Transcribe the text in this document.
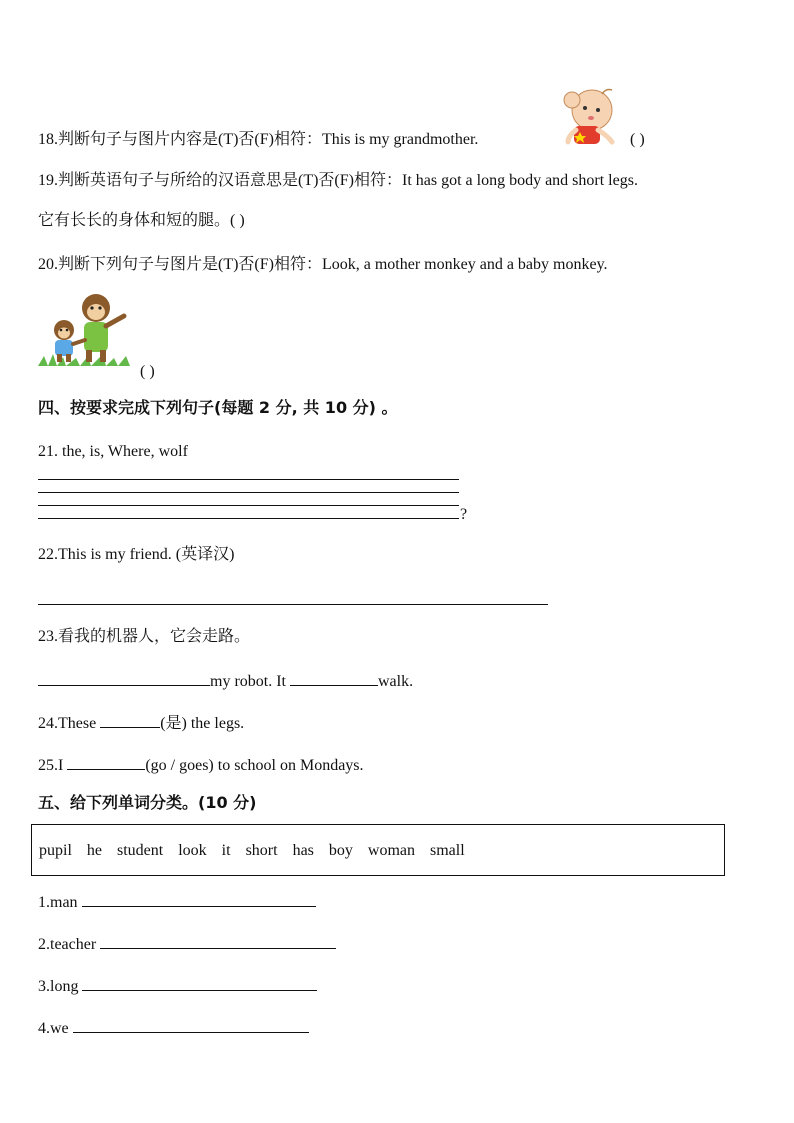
18.判断句子与图片内容是(T)否(F)相符：This is my grandmother.	( )
19.判断英语句子与所给的汉语意思是(T)否(F)相符：It has got a long body and short legs.
它有长长的身体和短的腿。( )
20.判断下列句子与图片是(T)否(F)相符：Look, a mother monkey and a baby monkey.
( )
四、按要求完成下列句子(每题 2 分, 共 10 分) 。
21. the, is, Where, wolf
?
22.This is my friend. (英译汉)
23.看我的机器人，它会走路。
my robot. It	walk.
24.These	(是) the legs.
25.I	(go / goes) to school on Mondays.
五、给下列单词分类。(10 分)
pupil he student look it short has boy woman small
1.man
2.teacher
3.long
4.we
